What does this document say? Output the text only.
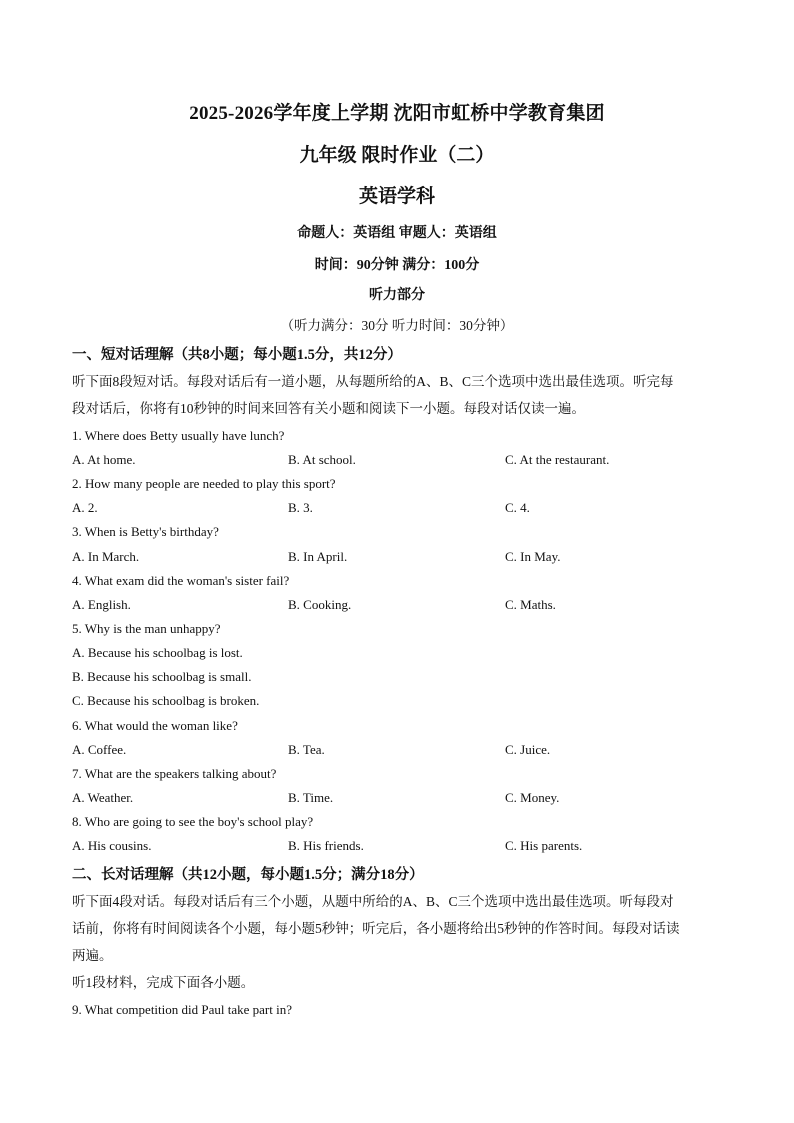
2025-2026学年度上学期 沈阳市虹桥中学教育集团
九年级 限时作业（二）
英语学科
命题人：英语组 审题人：英语组
时间：90分钟 满分：100分
听力部分
（听力满分：30分 听力时间：30分钟）
一、短对话理解（共8小题；每小题1.5分，共12分）
听下面8段短对话。每段对话后有一道小题，从每题所给的A、B、C三个选项中选出最佳选项。听完每
段对话后，你将有10秒钟的时间来回答有关小题和阅读下一小题。每段对话仅读一遍。
1. Where does Betty usually have lunch?
A. At home.	B. At school.	C. At the restaurant.
2. How many people are needed to play this sport?
A. 2.	B. 3.	C. 4.
3. When is Betty's birthday?
A. In March.	B. In April.	C. In May.
4. What exam did the woman's sister fail?
A. English.	B. Cooking.	C. Maths.
5. Why is the man unhappy?
A. Because his schoolbag is lost.
B. Because his schoolbag is small.
C. Because his schoolbag is broken.
6. What would the woman like?
A. Coffee.	B. Tea.	C. Juice.
7. What are the speakers talking about?
A. Weather.	B. Time.	C. Money.
8. Who are going to see the boy's school play?
A. His cousins.	B. His friends.	C. His parents.
二、长对话理解（共12小题，每小题1.5分；满分18分）
听下面4段对话。每段对话后有三个小题，从题中所给的A、B、C三个选项中选出最佳选项。听每段对
话前，你将有时间阅读各个小题，每小题5秒钟；听完后，各小题将给出5秒钟的作答时间。每段对话读
两遍。
听1段材料，完成下面各小题。
9. What competition did Paul take part in?
